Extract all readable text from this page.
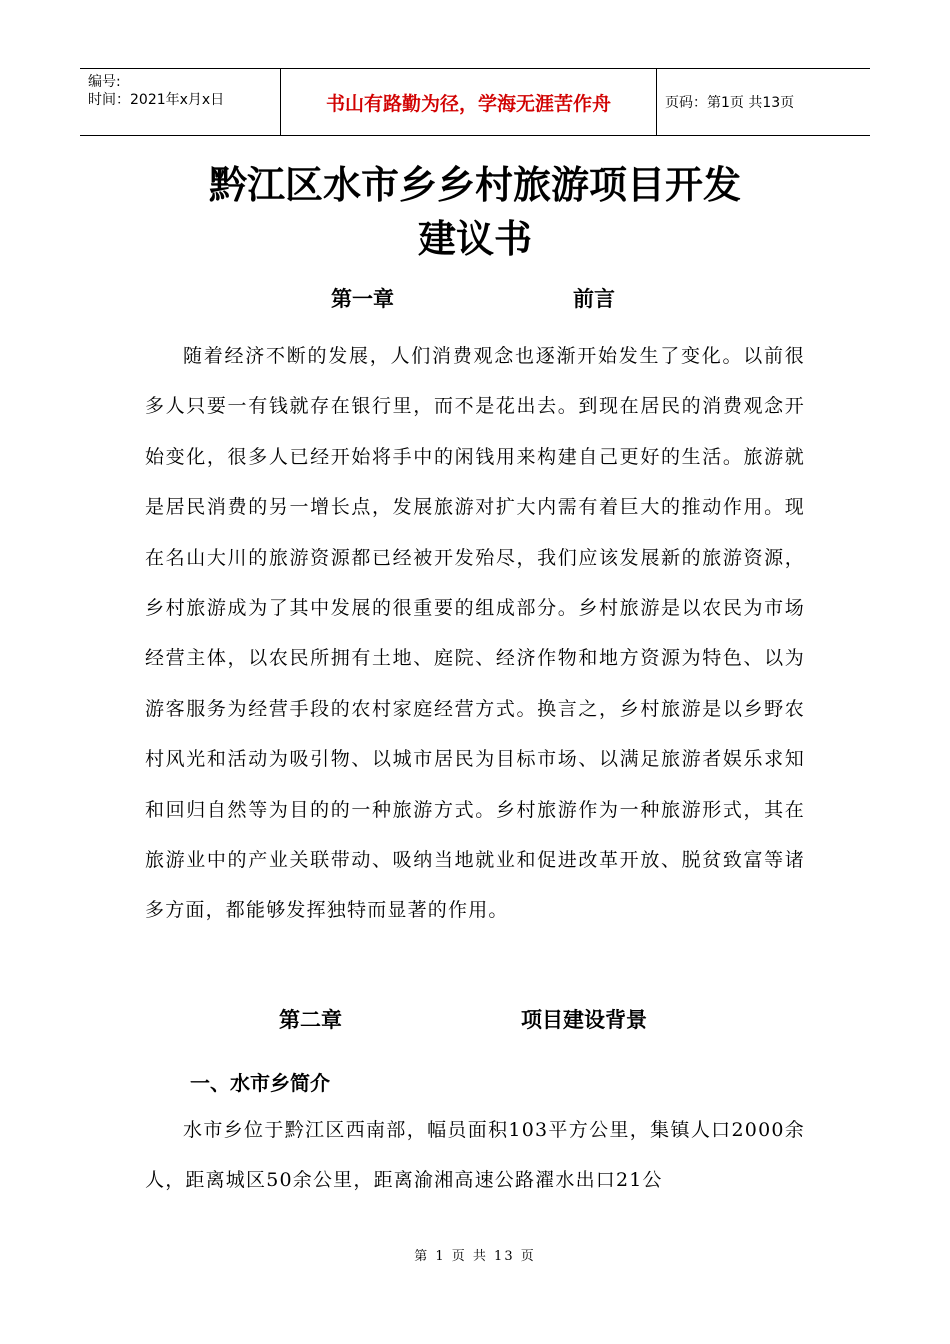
编号:
时间：2021年x月x日	书山有路勤为径，学海无涯苦作舟	页码：第1页 共13页
黔江区水市乡乡村旅游项目开发
建议书
第一章	前言

随着经济不断的发展，人们消费观念也逐渐开始发生了变化。以前很多人只要一有钱就存在银行里，而不是花出去。到现在居民的消费观念开始变化，很多人已经开始将手中的闲钱用来构建自己更好的生活。旅游就是居民消费的另一增长点，发展旅游对扩大内需有着巨大的推动作用。现在名山大川的旅游资源都已经被开发殆尽，我们应该发展新的旅游资源，乡村旅游成为了其中发展的很重要的组成部分。乡村旅游是以农民为市场经营主体，以农民所拥有土地、庭院、经济作物和地方资源为特色、以为游客服务为经营手段的农村家庭经营方式。换言之，乡村旅游是以乡野农村风光和活动为吸引物、以城市居民为目标市场、以满足旅游者娱乐求知和回归自然等为目的的一种旅游方式。乡村旅游作为一种旅游形式，其在旅游业中的产业关联带动、吸纳当地就业和促进改革开放、脱贫致富等诸多方面，都能够发挥独特而显著的作用。

第二章	项目建设背景
一、水市乡简介

水市乡位于黔江区西南部，幅员面积103平方公里，集镇人口2000余人，距离城区50余公里，距离渝湘高速公路濯水出口21公

第 1 页 共 13 页
